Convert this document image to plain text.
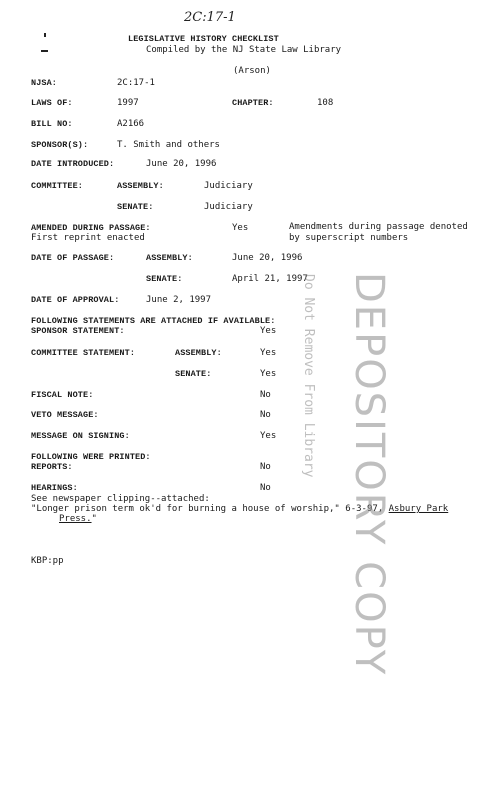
2C:17-1
LEGISLATIVE HISTORY CHECKLIST
Compiled by the NJ State Law Library
(Arson)
NJSA:	2C:17-1
LAWS OF:	1997	CHAPTER:	108
BILL NO:	A2166
SPONSOR(S):	T. Smith and others
DATE INTRODUCED:	June 20, 1996
COMMITTEE:	ASSEMBLY:	Judiciary
SENATE:	Judiciary
AMENDED DURING PASSAGE:	Yes	Amendments during passage denoted
by superscript numbers
First reprint enacted
DATE OF PASSAGE:	ASSEMBLY:	June 20, 1996
SENATE:	April 21, 1997
DATE OF APPROVAL:	June 2, 1997
FOLLOWING STATEMENTS ARE ATTACHED IF AVAILABLE:
SPONSOR STATEMENT:	Yes
COMMITTEE STATEMENT:	ASSEMBLY:	Yes
SENATE:	Yes
FISCAL NOTE:	No
VETO MESSAGE:	No
MESSAGE ON SIGNING:	Yes
FOLLOWING WERE PRINTED:
REPORTS:	No
HEARINGS:	No
See newspaper clipping--attached:
"Longer prison term ok'd for burning a house of worship," 6-3-97, Asbury Park
Press."
KBP:pp	DEPOSITORY COPY
Do Not Remove From Library
